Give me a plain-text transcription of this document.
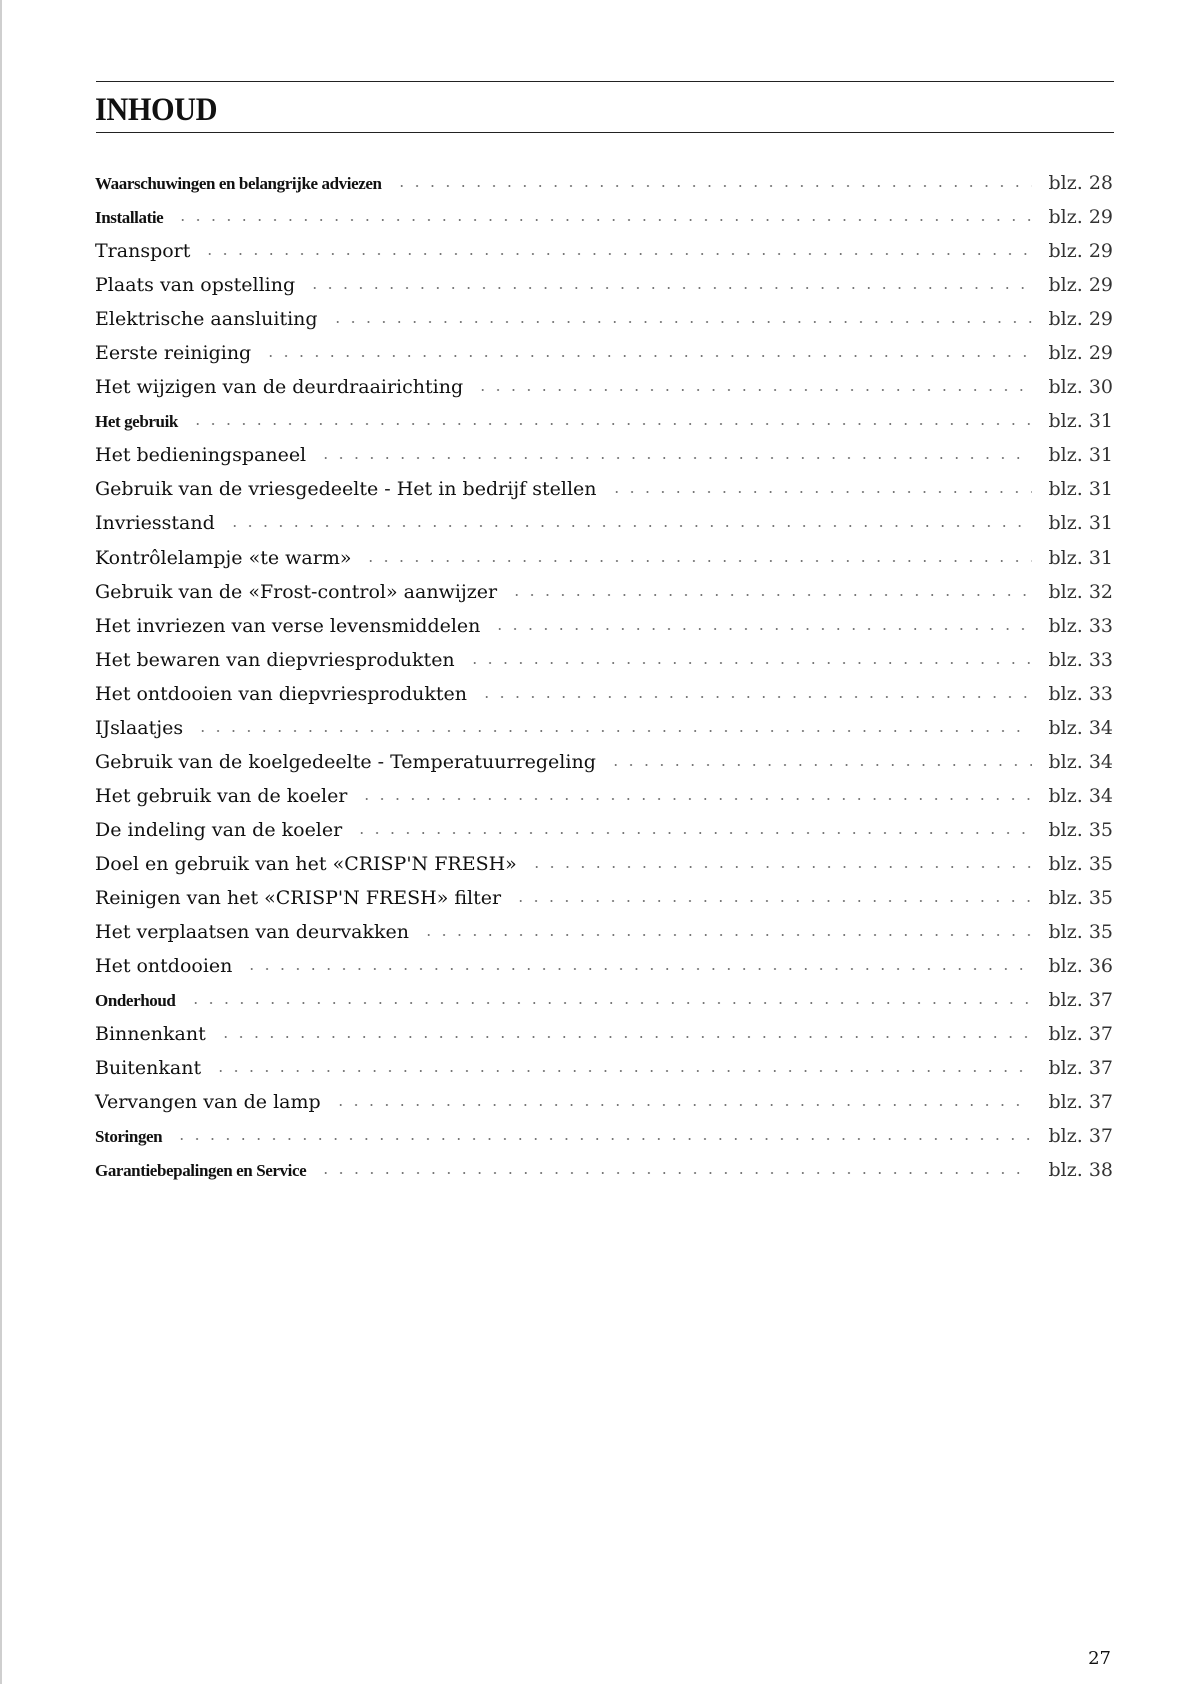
INHOUD
Waarschuwingen en belangrijke adviezen	blz. 28
Installatie	blz. 29
Transport	blz. 29
Plaats van opstelling	blz. 29
Elektrische aansluiting	blz. 29
Eerste reiniging	blz. 29
Het wijzigen van de deurdraairichting	blz. 30
Het gebruik	blz. 31
Het bedieningspaneel	blz. 31
Gebruik van de vriesgedeelte - Het in bedrijf stellen	blz. 31
Invriesstand	blz. 31
Kontrôlelampje «te warm»	blz. 31
Gebruik van de «Frost-control» aanwijzer	blz. 32
Het invriezen van verse levensmiddelen	blz. 33
Het bewaren van diepvriesprodukten	blz. 33
Het ontdooien van diepvriesprodukten	blz. 33
IJslaatjes	blz. 34
Gebruik van de koelgedeelte - Temperatuurregeling	blz. 34
Het gebruik van de koeler	blz. 34
De indeling van de koeler	blz. 35
Doel en gebruik van het «CRISP'N FRESH»	blz. 35
Reinigen van het «CRISP'N FRESH» filter	blz. 35
Het verplaatsen van deurvakken	blz. 35
Het ontdooien	blz. 36
Onderhoud	blz. 37
Binnenkant	blz. 37
Buitenkant	blz. 37
Vervangen van de lamp	blz. 37
Storingen	blz. 37
Garantiebepalingen en Service	blz. 38
27
